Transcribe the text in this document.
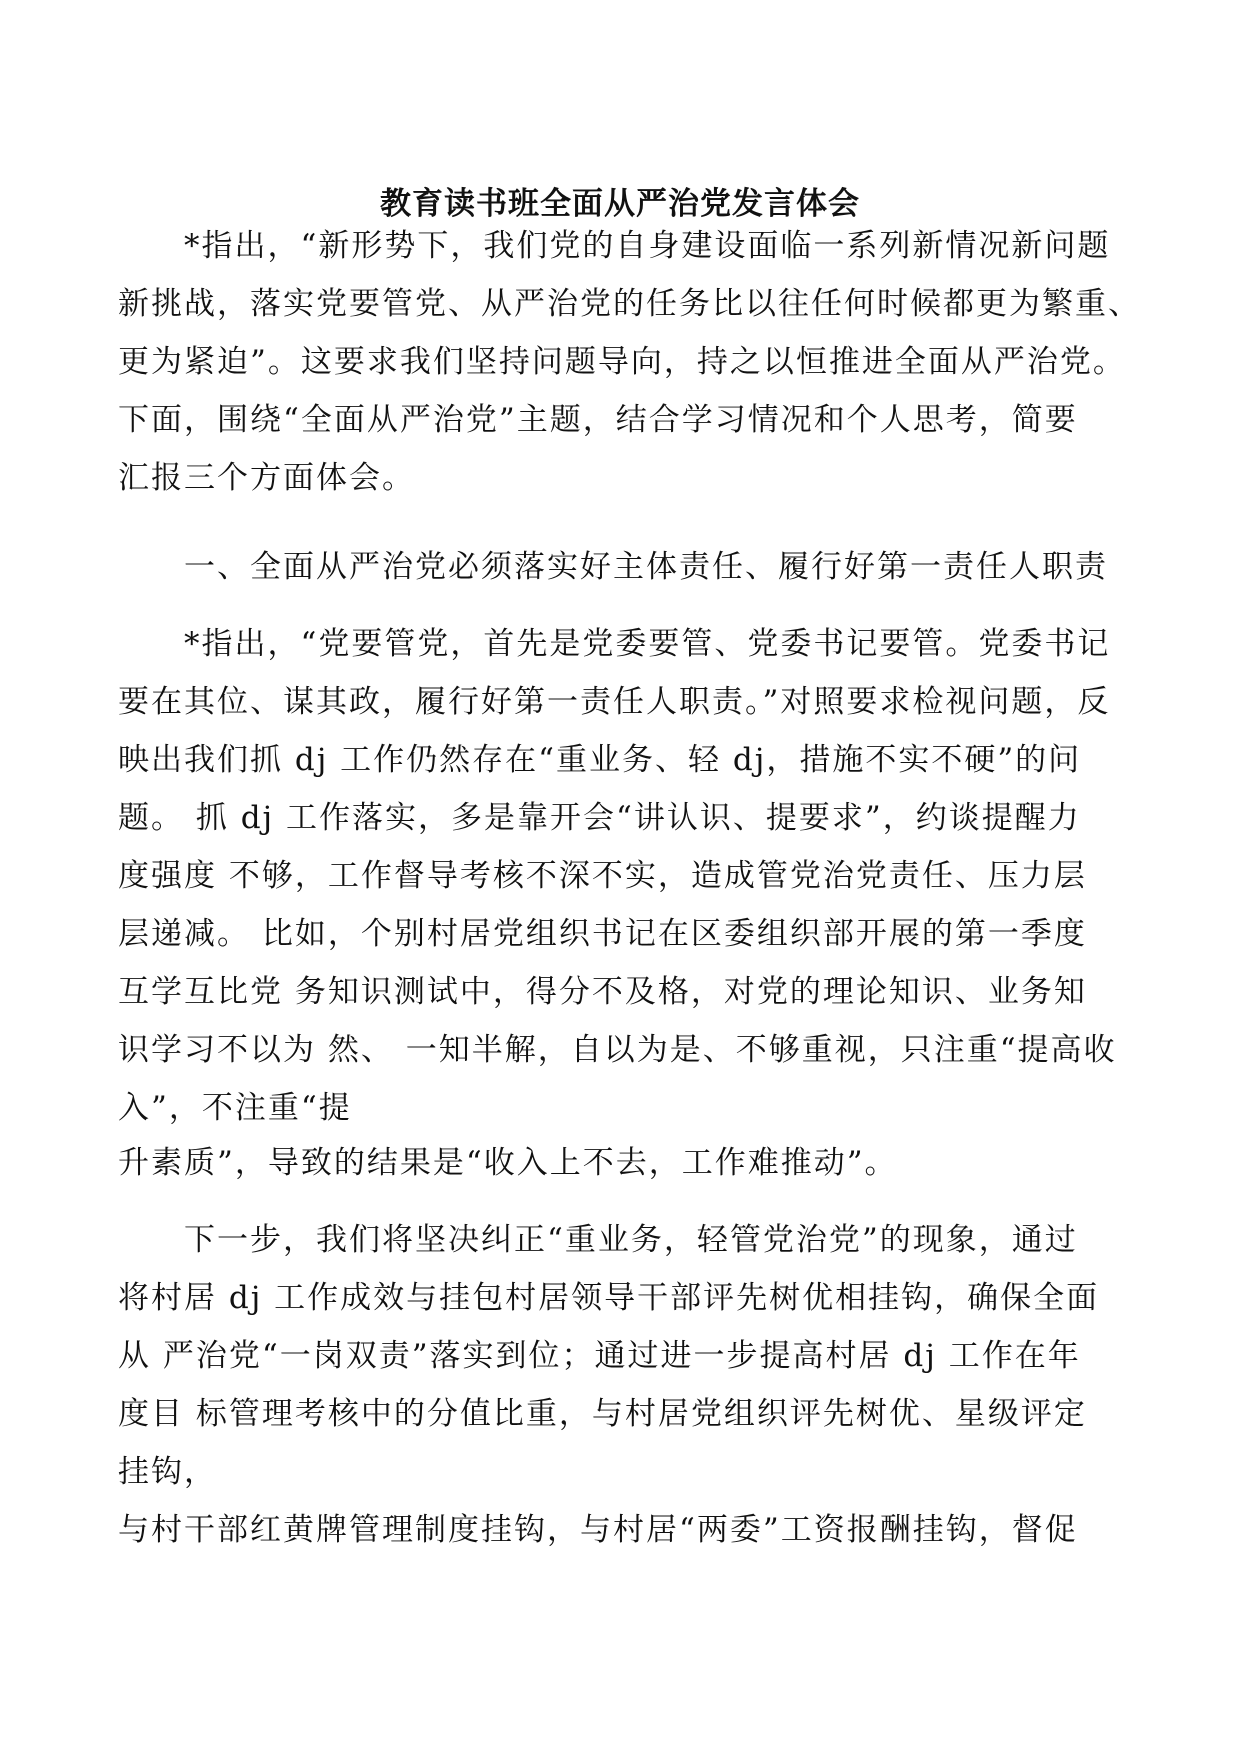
教育读书班全面从严治党发言体会

*指出，“新形势下，我们党的自身建设面临一系列新情况新问题

新挑战，落实党要管党、从严治党的任务比以往任何时候都更为繁重、

更为紧迫”。这要求我们坚持问题导向，持之以恒推进全面从严治党。

下面，围绕“全面从严治党”主题，结合学习情况和个人思考，简要

汇报三个方面体会。

一、全面从严治党必须落实好主体责任、履行好第一责任人职责

*指出，“党要管党，首先是党委要管、党委书记要管。党委书记

要在其位、谋其政，履行好第一责任人职责。”对照要求检视问题，反

映出我们抓 dj 工作仍然存在“重业务、轻 dj，措施不实不硬”的问

题。 抓 dj 工作落实，多是靠开会“讲认识、提要求”，约谈提醒力

度强度 不够，工作督导考核不深不实，造成管党治党责任、压力层

层递减。 比如，个别村居党组织书记在区委组织部开展的第一季度

互学互比党 务知识测试中，得分不及格，对党的理论知识、业务知

识学习不以为 然、 一知半解，自以为是、不够重视，只注重“提高收

入”，不注重“提

升素质”，导致的结果是“收入上不去，工作难推动”。

下一步，我们将坚决纠正“重业务，轻管党治党”的现象，通过

将村居 dj 工作成效与挂包村居领导干部评先树优相挂钩，确保全面

从 严治党“一岗双责”落实到位；通过进一步提高村居 dj 工作在年

度目 标管理考核中的分值比重，与村居党组织评先树优、星级评定

挂钩，

与村干部红黄牌管理制度挂钩，与村居“两委”工资报酬挂钩，督促
